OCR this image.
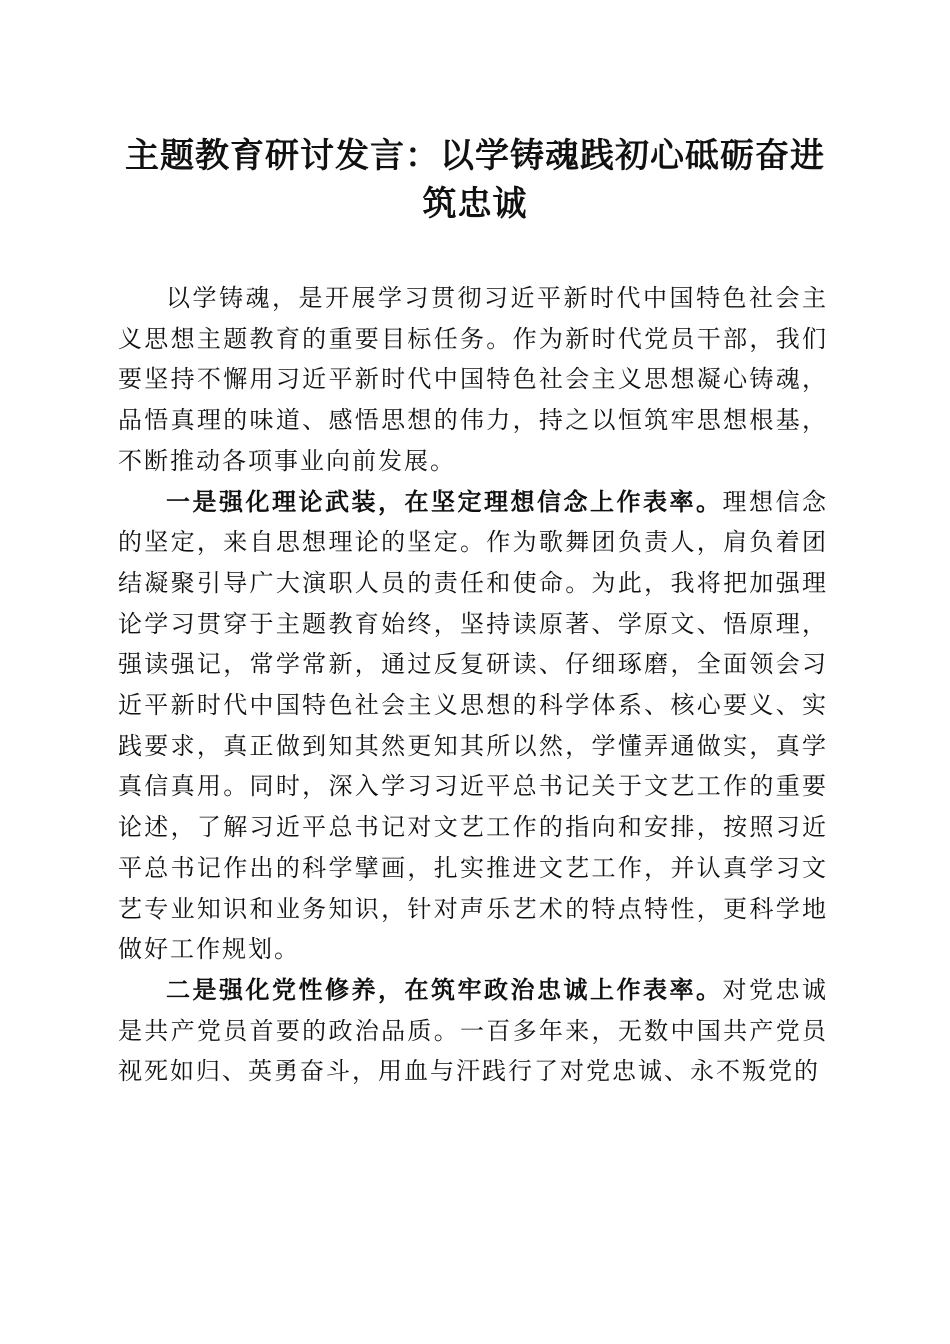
主题教育研讨发言：以学铸魂践初心砥砺奋进
筑忠诚

以学铸魂，是开展学习贯彻习近平新时代中国特色社会主义思想主题教育的重要目标任务。作为新时代党员干部，我们要坚持不懈用习近平新时代中国特色社会主义思想凝心铸魂，品悟真理的味道、感悟思想的伟力，持之以恒筑牢思想根基，不断推动各项事业向前发展。

一是强化理论武装，在坚定理想信念上作表率。理想信念的坚定，来自思想理论的坚定。作为歌舞团负责人，肩负着团结凝聚引导广大演职人员的责任和使命。为此，我将把加强理论学习贯穿于主题教育始终，坚持读原著、学原文、悟原理，强读强记，常学常新，通过反复研读、仔细琢磨，全面领会习近平新时代中国特色社会主义思想的科学体系、核心要义、实践要求，真正做到知其然更知其所以然，学懂弄通做实，真学真信真用。同时，深入学习习近平总书记关于文艺工作的重要论述，了解习近平总书记对文艺工作的指向和安排，按照习近平总书记作出的科学擘画，扎实推进文艺工作，并认真学习文艺专业知识和业务知识，针对声乐艺术的特点特性，更科学地做好工作规划。

二是强化党性修养，在筑牢政治忠诚上作表率。对党忠诚是共产党员首要的政治品质。一百多年来，无数中国共产党员视死如归、英勇奋斗，用血与汗践行了对党忠诚、永不叛党的
